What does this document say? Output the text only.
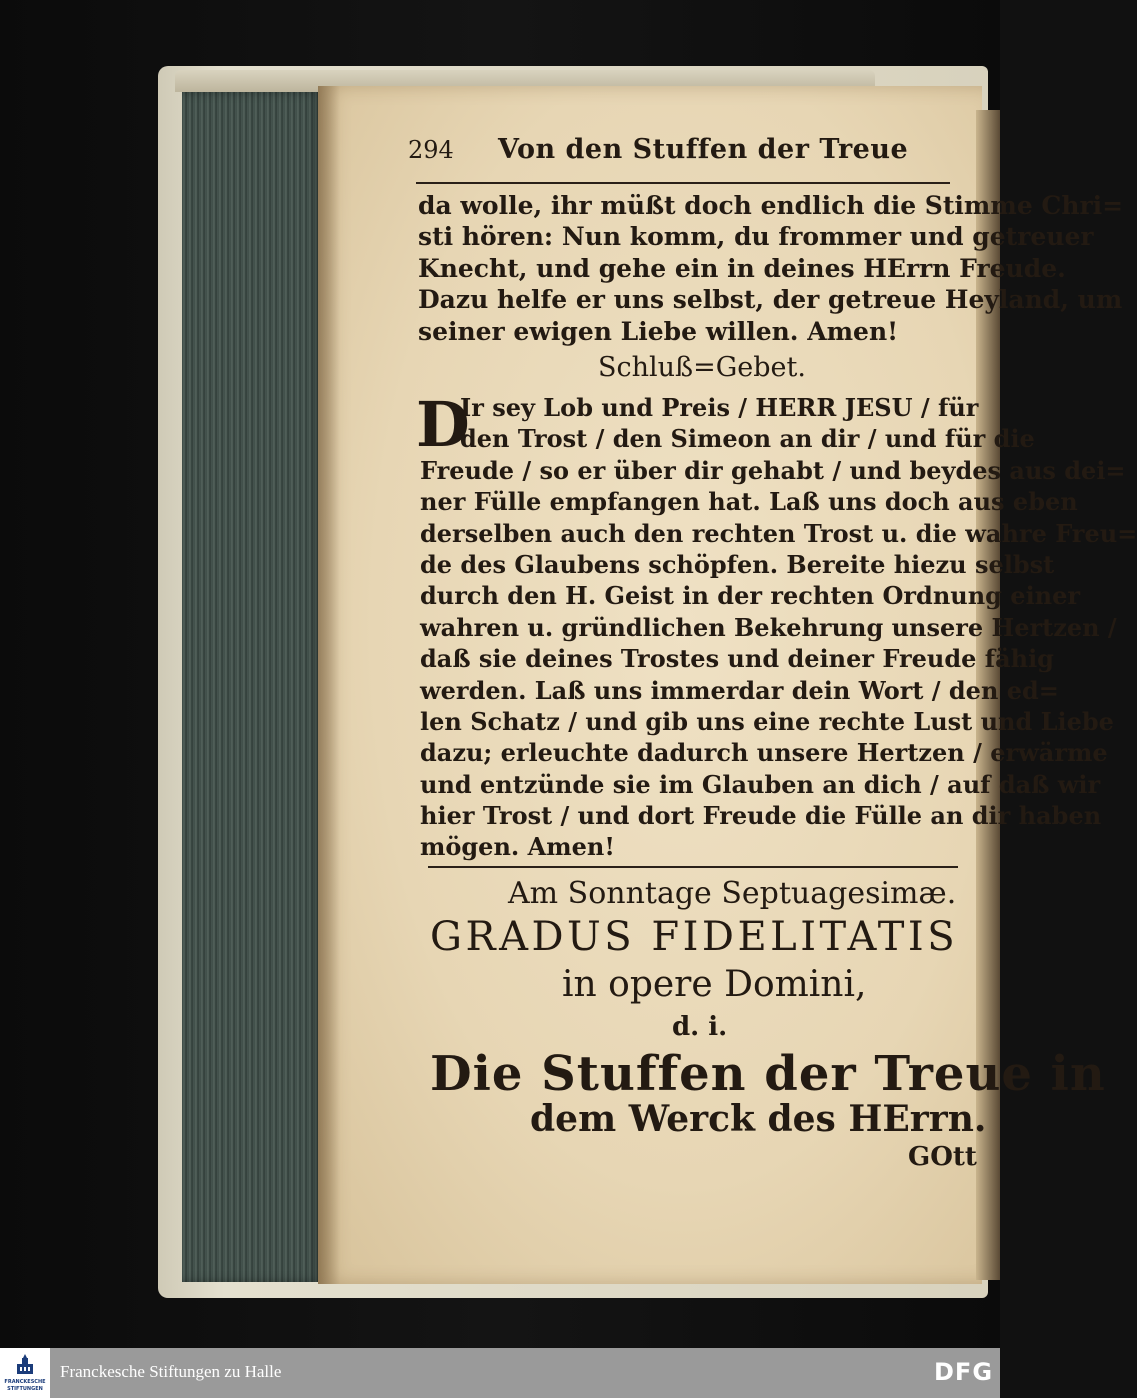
294 Von den Stuffen der Treue
da wolle, ihr müßt doch endlich die Stimme Chri=
sti hören: Nun komm, du frommer und getreuer
Knecht, und gehe ein in deines HErrn Freude.
Dazu helfe er uns selbst, der getreue Heyland, um
seiner ewigen Liebe willen. Amen!
Schluß=Gebet.
D
Ir sey Lob und Preis / HERR JESU / für
den Trost / den Simeon an dir / und für die
Freude / so er über dir gehabt / und beydes aus dei=
ner Fülle empfangen hat. Laß uns doch aus eben
derselben auch den rechten Trost u. die wahre Freu=
de des Glaubens schöpfen. Bereite hiezu selbst
durch den H. Geist in der rechten Ordnung einer
wahren u. gründlichen Bekehrung unsere Hertzen /
daß sie deines Trostes und deiner Freude fähig
werden. Laß uns immerdar dein Wort / den ed=
len Schatz / und gib uns eine rechte Lust und Liebe
dazu; erleuchte dadurch unsere Hertzen / erwärme
und entzünde sie im Glauben an dich / auf daß wir
hier Trost / und dort Freude die Fülle an dir haben
mögen. Amen!
Am Sonntage Septuagesimæ.
GRADUS FIDELITATIS
in opere Domini,
d. i.
Die Stuffen der Treue in
dem Werck des HErrn.
GOtt
FRANCKESCHE
STIFTUNGEN
Franckesche Stiftungen zu Halle	DFG
